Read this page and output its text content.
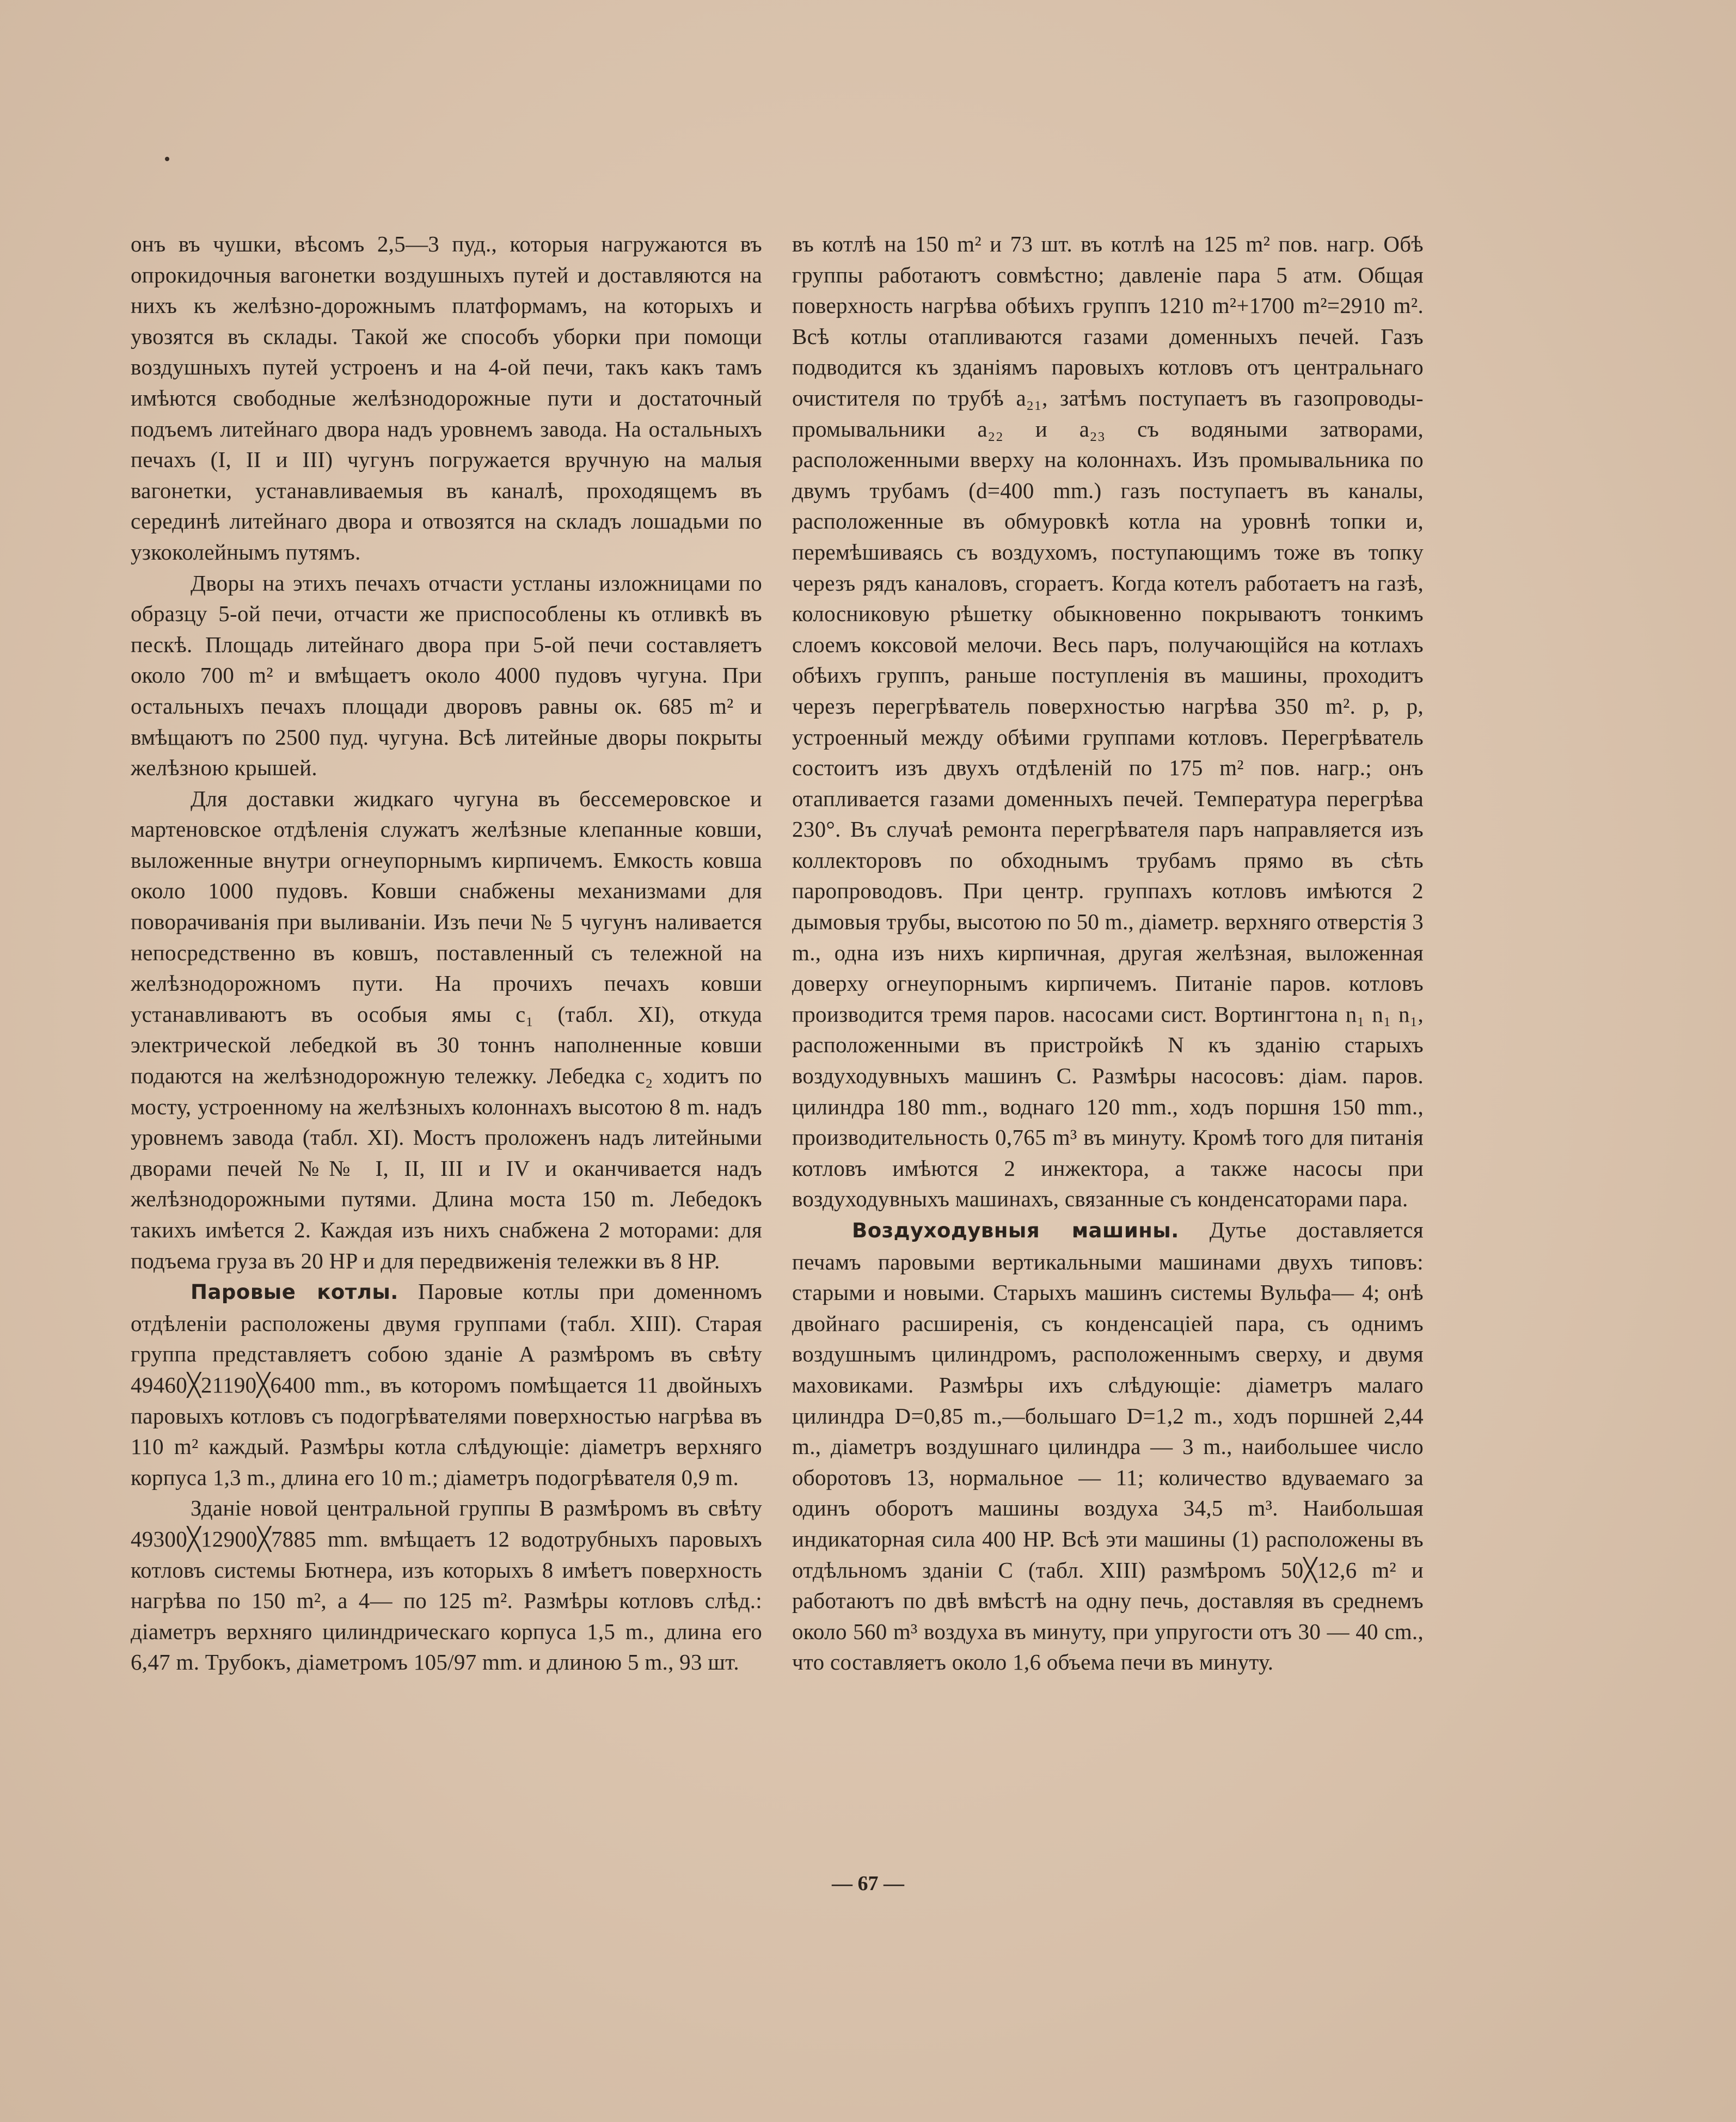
онъ въ чушки, вѣсомъ 2,5—3 пуд., которыя нагружаются въ опрокидочныя вагонетки воздушныхъ путей и доставляются на нихъ къ желѣзно-дорожнымъ платформамъ, на которыхъ и увозятся въ склады. Такой же способъ уборки при помощи воздушныхъ путей устроенъ и на 4-ой печи, такъ какъ тамъ имѣются свободные желѣзнодорожные пути и достаточный подъемъ литейнаго двора надъ уровнемъ завода. На остальныхъ печахъ (I, II и III) чугунъ погружается вручную на малыя вагонетки, устанавливаемыя въ каналѣ, проходящемъ въ серединѣ литейнаго двора и отвозятся на складъ лошадьми по узкоколейнымъ путямъ.

Дворы на этихъ печахъ отчасти устланы изложницами по образцу 5-ой печи, отчасти же приспособлены къ отливкѣ въ пескѣ. Площадь литейнаго двора при 5-ой печи составляетъ около 700 m² и вмѣщаетъ около 4000 пудовъ чугуна. При остальныхъ печахъ площади дворовъ равны ок. 685 m² и вмѣщаютъ по 2500 пуд. чугуна. Всѣ литейные дворы покрыты желѣзною крышей.

Для доставки жидкаго чугуна въ бессемеровское и мартеновское отдѣленія служатъ желѣзные клепанные ковши, выложенные внутри огнеупорнымъ кирпичемъ. Емкость ковша около 1000 пудовъ. Ковши снабжены механизмами для поворачиванія при выливаніи. Изъ печи № 5 чугунъ наливается непосредственно въ ковшъ, поставленный съ тележной на желѣзнодорожномъ пути. На прочихъ печахъ ковши устанавливаютъ въ особыя ямы c₁ (табл. XI), откуда электрической лебедкой въ 30 тоннъ наполненные ковши подаются на желѣзнодорожную тележку. Лебедка c₂ ходитъ по мосту, устроенному на желѣзныхъ колоннахъ высотою 8 m. надъ уровнемъ завода (табл. XI). Мостъ проложенъ надъ литейными дворами печей №№ I, II, III и IV и оканчивается надъ желѣзнодорожными путями. Длина моста 150 m. Лебедокъ такихъ имѣется 2. Каждая изъ нихъ снабжена 2 моторами: для подъема груза въ 20 HP и для передвиженія тележки въ 8 HP.

Паровые котлы. Паровые котлы при доменномъ отдѣленіи расположены двумя группами (табл. XIII). Старая группа представляетъ собою зданіе A размѣромъ въ свѣту 49460╳21190╳6400 mm., въ которомъ помѣщается 11 двойныхъ паровыхъ котловъ съ подогрѣвателями поверхностью нагрѣва въ 110 m² каждый. Размѣры котла слѣдующіе: діаметръ верхняго корпуса 1,3 m., длина его 10 m.; діаметръ подогрѣвателя 0,9 m.

Зданіе новой центральной группы B размѣромъ въ свѣту 49300╳12900╳7885 mm. вмѣщаетъ 12 водотрубныхъ паровыхъ котловъ системы Бютнера, изъ которыхъ 8 имѣетъ поверхность нагрѣва по 150 m², а 4— по 125 m². Размѣры котловъ слѣд.: діаметръ верхняго цилиндрическаго корпуса 1,5 m., длина его 6,47 m. Трубокъ, діаметромъ 105/97 mm. и длиною 5 m., 93 шт.

въ котлѣ на 150 m² и 73 шт. въ котлѣ на 125 m² пов. нагр. Обѣ группы работаютъ совмѣстно; давленіе пара 5 атм. Общая поверхность нагрѣва обѣихъ группъ 1210 m²+1700 m²=2910 m². Всѣ котлы отапливаются газами доменныхъ печей. Газъ подводится къ зданіямъ паровыхъ котловъ отъ центральнаго очистителя по трубѣ a₂₁, затѣмъ поступаетъ въ газопроводы-промывальники a₂₂ и a₂₃ съ водяными затворами, расположенными вверху на колоннахъ. Изъ промывальника по двумъ трубамъ (d=400 mm.) газъ поступаетъ въ каналы, расположенные въ обмуровкѣ котла на уровнѣ топки и, перемѣшиваясь съ воздухомъ, поступающимъ тоже въ топку черезъ рядъ каналовъ, сгораетъ. Когда котелъ работаетъ на газѣ, колосниковую рѣшетку обыкновенно покрываютъ тонкимъ слоемъ коксовой мелочи. Весь паръ, получающійся на котлахъ обѣихъ группъ, раньше поступленія въ машины, проходитъ черезъ перегрѣватель поверхностью нагрѣва 350 m². p, p, устроенный между обѣими группами котловъ. Перегрѣватель состоитъ изъ двухъ отдѣленій по 175 m² пов. нагр.; онъ отапливается газами доменныхъ печей. Температура перегрѣва 230°. Въ случаѣ ремонта перегрѣвателя паръ направляется изъ коллекторовъ по обходнымъ трубамъ прямо въ сѣть паропроводовъ. При центр. группахъ котловъ имѣются 2 дымовыя трубы, высотою по 50 m., діаметр. верхняго отверстія 3 m., одна изъ нихъ кирпичная, другая желѣзная, выложенная доверху огнеупорнымъ кирпичемъ. Питаніе паров. котловъ производится тремя паров. насосами сист. Вортингтона n₁ n₁ n₁, расположенными въ пристройкѣ N къ зданію старыхъ воздуходувныхъ машинъ C. Размѣры насосовъ: діам. паров. цилиндра 180 mm., воднаго 120 mm., ходъ поршня 150 mm., производительность 0,765 m³ въ минуту. Кромѣ того для питанія котловъ имѣются 2 инжектора, а также насосы при воздуходувныхъ машинахъ, связанные съ конденсаторами пара.

Воздуходувныя машины. Дутье доставляется печамъ паровыми вертикальными машинами двухъ типовъ: старыми и новыми. Старыхъ машинъ системы Вульфа— 4; онѣ двойнаго расширенія, съ конденсаціей пара, съ однимъ воздушнымъ цилиндромъ, расположеннымъ сверху, и двумя маховиками. Размѣры ихъ слѣдующіе: діаметръ малаго цилиндра D=0,85 m.,—большаго D=1,2 m., ходъ поршней 2,44 m., діаметръ воздушнаго цилиндра — 3 m., наибольшее число оборотовъ 13, нормальное — 11; количество вдуваемаго за одинъ оборотъ машины воздуха 34,5 m³. Наибольшая индикаторная сила 400 HP. Всѣ эти машины (1) расположены въ отдѣльномъ зданіи C (табл. XIII) размѣромъ 50╳12,6 m² и работаютъ по двѣ вмѣстѣ на одну печь, доставляя въ среднемъ около 560 m³ воздуха въ минуту, при упругости отъ 30 — 40 cm., что составляетъ около 1,6 объема печи въ минуту.

— 67 —
